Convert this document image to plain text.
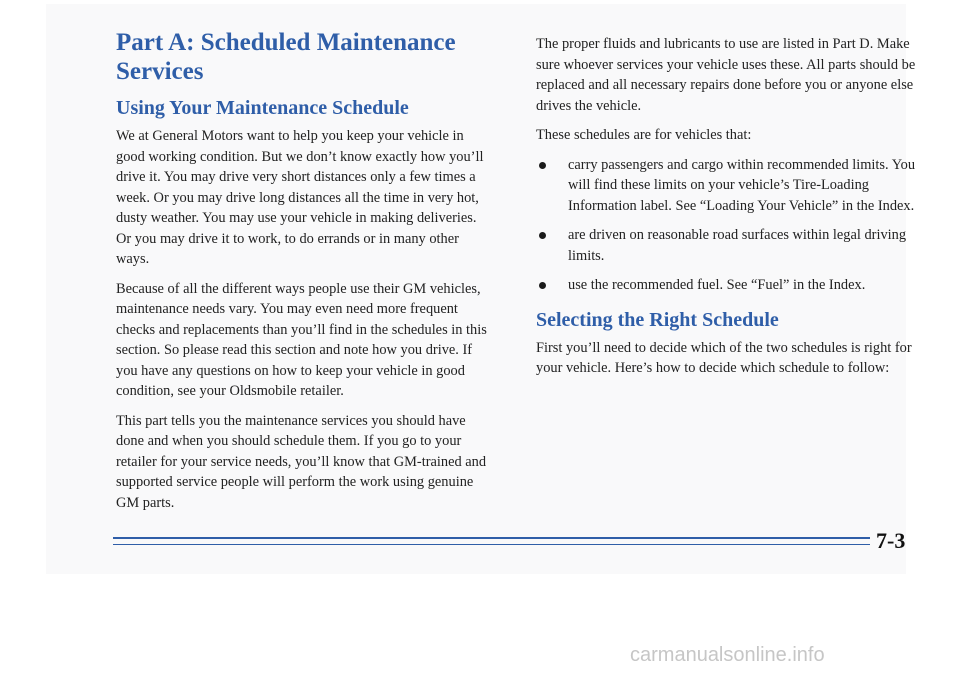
Part A: Scheduled Maintenance Services
Using Your Maintenance Schedule

We at General Motors want to help you keep your vehicle in good working condition. But we don’t know exactly how you’ll drive it. You may drive very short distances only a few times a week. Or you may drive long distances all the time in very hot, dusty weather. You may use your vehicle in making deliveries. Or you may drive it to work, to do errands or in many other ways.

Because of all the different ways people use their GM vehicles, maintenance needs vary. You may even need more frequent checks and replacements than you’ll find in the schedules in this section. So please read this section and note how you drive. If you have any questions on how to keep your vehicle in good condition, see your Oldsmobile retailer.

This part tells you the maintenance services you should have done and when you should schedule them. If you go to your retailer for your service needs, you’ll know that GM-trained and supported service people will perform the work using genuine GM parts.

The proper fluids and lubricants to use are listed in Part D. Make sure whoever services your vehicle uses these. All parts should be replaced and all necessary repairs done before you or anyone else drives the vehicle.

These schedules are for vehicles that:

carry passengers and cargo within recommended limits. You will find these limits on your vehicle’s Tire-Loading Information label. See “Loading Your Vehicle” in the Index.
are driven on reasonable road surfaces within legal driving limits.
use the recommended fuel. See “Fuel” in the Index.
Selecting the Right Schedule

First you’ll need to decide which of the two schedules is right for your vehicle. Here’s how to decide which schedule to follow:

7-3
carmanualsonline.info
